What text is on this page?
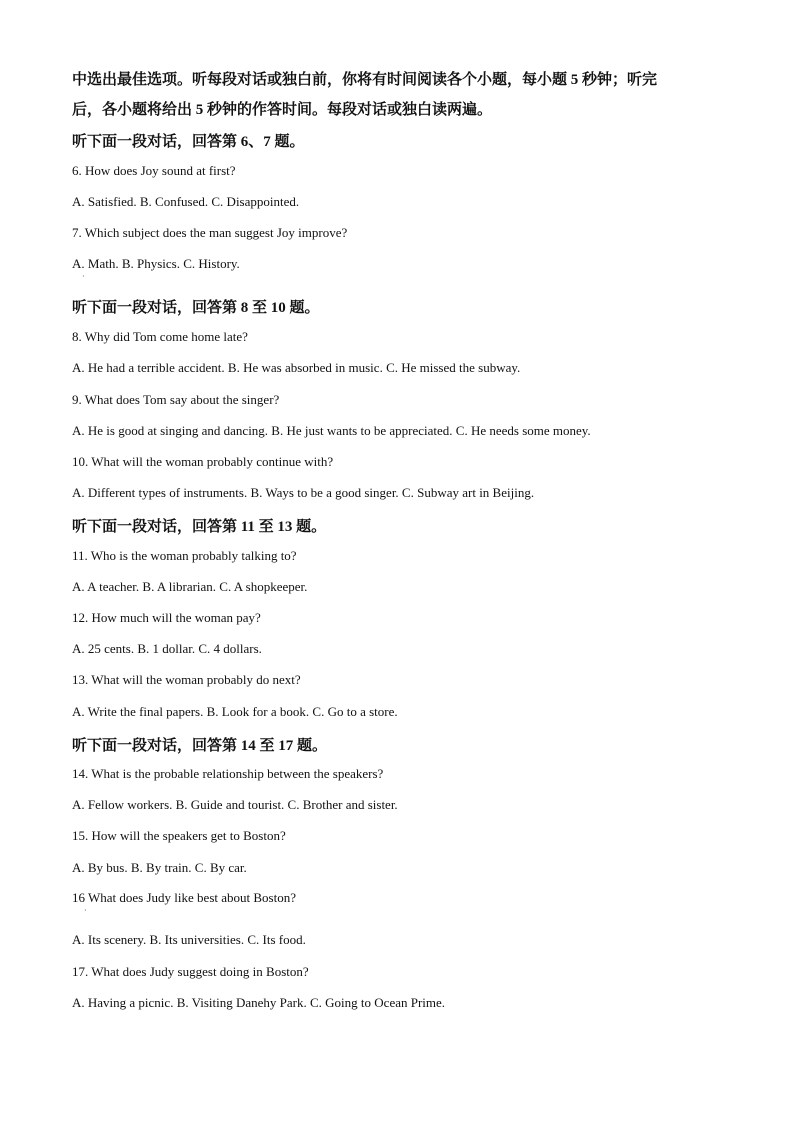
中选出最佳选项。听每段对话或独白前，你将有时间阅读各个小题，每小题 5 秒钟；听完
后，各小题将给出 5 秒钟的作答时间。每段对话或独白读两遍。
听下面一段对话，回答第 6、7 题。
6. How does Joy sound at first?
A. Satisfied. B. Confused. C. Disappointed.
7. Which subject does the man suggest Joy improve?
A. Math. B. Physics. C. History.
·
听下面一段对话，回答第 8 至 10 题。
8. Why did Tom come home late?
A. He had a terrible accident. B. He was absorbed in music. C. He missed the subway.
9. What does Tom say about the singer?
A. He is good at singing and dancing. B. He just wants to be appreciated. C. He needs some money.
10. What will the woman probably continue with?
A. Different types of instruments. B. Ways to be a good singer. C. Subway art in Beijing.
听下面一段对话，回答第 11 至 13 题。
11. Who is the woman probably talking to?
A. A teacher. B. A librarian. C. A shopkeeper.
12. How much will the woman pay?
A. 25 cents. B. 1 dollar. C. 4 dollars.
13. What will the woman probably do next?
A. Write the final papers. B. Look for a book. C. Go to a store.
听下面一段对话，回答第 14 至 17 题。
14. What is the probable relationship between the speakers?
A. Fellow workers. B. Guide and tourist. C. Brother and sister.
15. How will the speakers get to Boston?
A. By bus. B. By train. C. By car.
16 What does Judy like best about Boston?
·
A. Its scenery. B. Its universities. C. Its food.
17. What does Judy suggest doing in Boston?
A. Having a picnic. B. Visiting Danehy Park. C. Going to Ocean Prime.
